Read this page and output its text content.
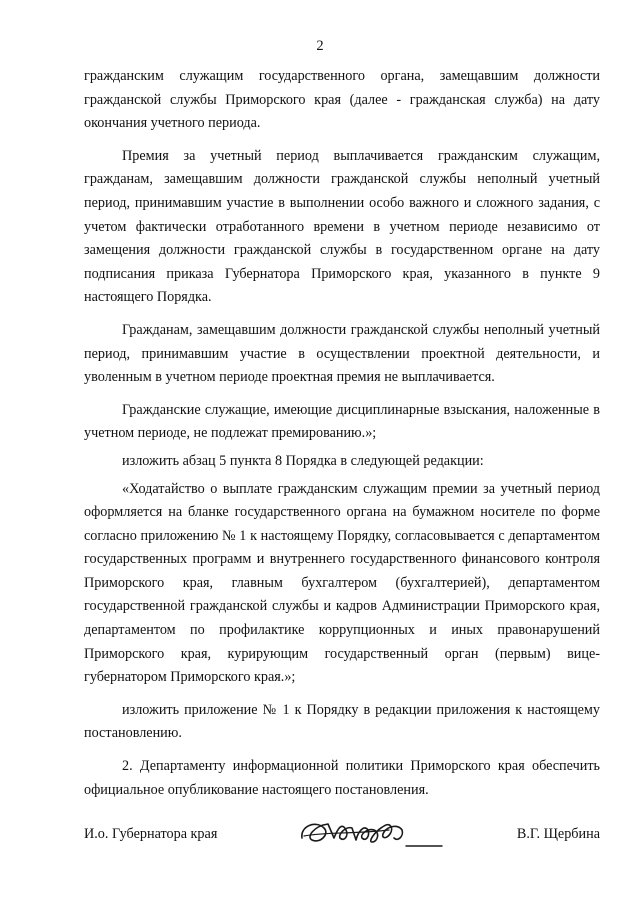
2

гражданским служащим государственного органа, замещавшим должности гражданской службы Приморского края (далее - гражданская служба) на дату окончания учетного периода.

Премия за учетный период выплачивается гражданским служащим, гражданам, замещавшим должности гражданской службы неполный учетный период, принимавшим участие в выполнении особо важного и сложного задания, с учетом фактически отработанного времени в учетном периоде независимо от замещения должности гражданской службы в государственном органе на дату подписания приказа Губернатора Приморского края, указанного в пункте 9 настоящего Порядка.

Гражданам, замещавшим должности гражданской службы неполный учетный период, принимавшим участие в осуществлении проектной деятельности, и уволенным в учетном периоде проектная премия не выплачивается.

Гражданские служащие, имеющие дисциплинарные взыскания, наложенные в учетном периоде, не подлежат премированию.»;

изложить абзац 5 пункта 8 Порядка в следующей редакции:

«Ходатайство о выплате гражданским служащим премии за учетный период оформляется на бланке государственного органа на бумажном носителе по форме согласно приложению № 1 к настоящему Порядку, согласовывается с департаментом государственных программ и внутреннего государственного финансового контроля Приморского края, главным бухгалтером (бухгалтерией), департаментом государственной гражданской службы и кадров Администрации Приморского края, департаментом по профилактике коррупционных и иных правонарушений Приморского края, курирующим государственный орган (первым) вице-губернатором Приморского края.»;

изложить приложение № 1 к Порядку в редакции приложения к настоящему постановлению.

2. Департаменту информационной политики Приморского края обеспечить официальное опубликование настоящего постановления.

И.о. Губернатора края	В.Г. Щербина
